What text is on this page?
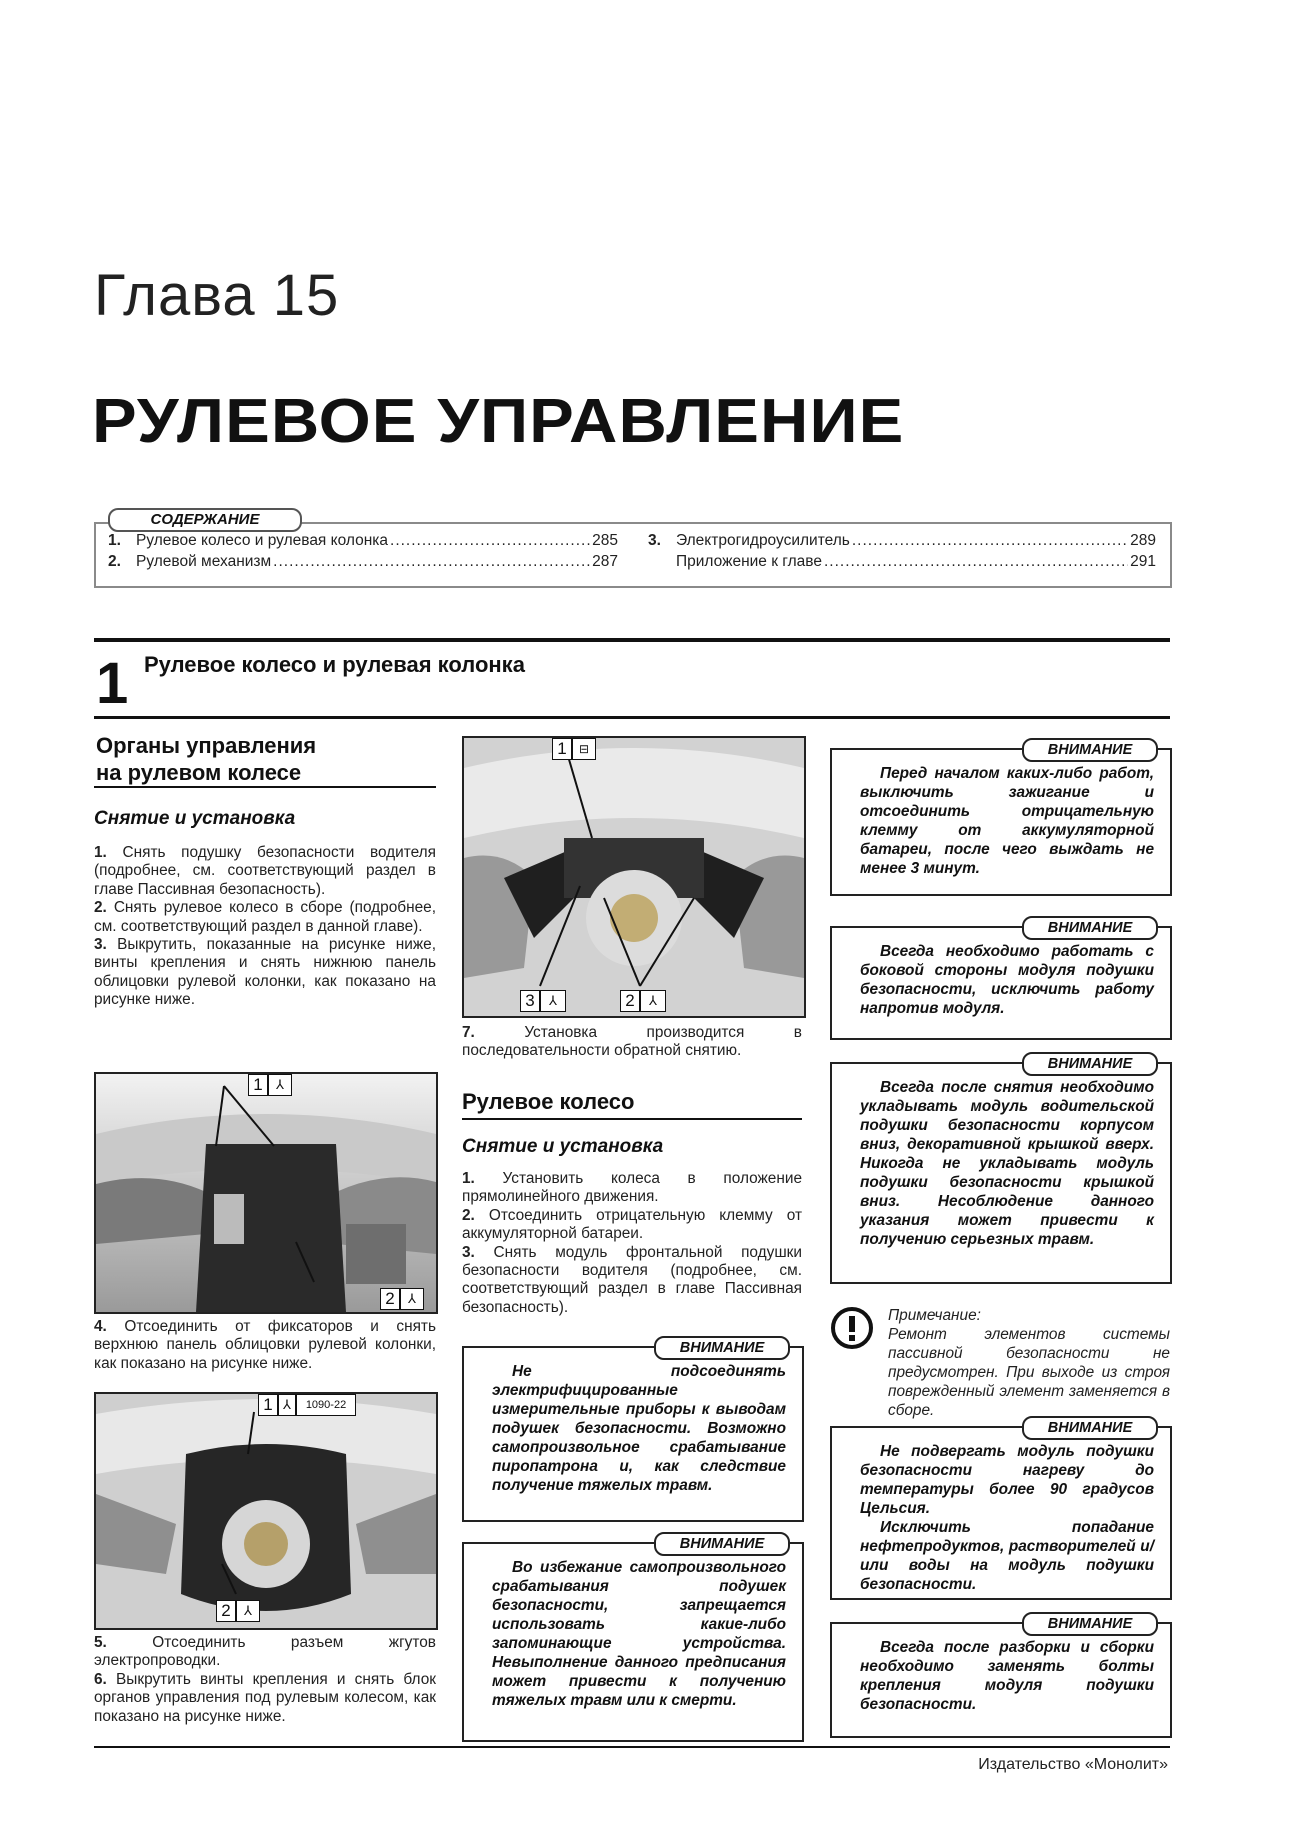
Глава 15
РУЛЕВОЕ УПРАВЛЕНИЕ
СОДЕРЖАНИЕ
1. Рулевое колесо и рулевая колонка .....	285
2. Рулевой механизм .....	287
3. Электрогидроусилитель .....	289
Приложение к главе .....	291
1 Рулевое колесо и рулевая колонка
Органы управления
на рулевом колесе
Снятие и установка
1. Снять подушку безопасности водителя (подробнее, см. соответствующий раздел в главе Пассивная безопасность).
2. Снять рулевое колесо в сборе (подробнее, см. соответствующий раздел в данной главе).
3. Выкрутить, показанные на рисунке ниже, винты крепления и снять нижнюю панель облицовки рулевой колонки, как показано на рисунке ниже.
1	⅄
2	⅄
4. Отсоединить от фиксаторов и снять верхнюю панель облицовки рулевой колонки, как показано на рисунке ниже.
1 ⅄	1090-22
2	⅄
5.	Отсоединить разъем жгутов электропроводки.
6. Выкрутить винты крепления и снять блок органов управления под рулевым колесом, как показано на рисунке ниже.
1	⊟
2	⅄
3	⅄
7.	Установка производится в последовательности обратной снятию.
Рулевое колесо
Снятие и установка
1. Установить колеса в положение прямолинейного движения.
2. Отсоединить отрицательную клемму от аккумуляторной батареи.
3. Снять модуль фронтальной подушки безопасности водителя (подробнее, см. соответствующий раздел в главе Пассивная безопасность).
ВНИМАНИЕ
Не подсоединять электрифицированные измерительные приборы к выводам подушек безопасности. Возможно самопроизвольное срабатывание пиропатрона и, как следствие получение тяжелых травм.
ВНИМАНИЕ
Во избежание самопроизвольного срабатывания подушек безопасности, запрещается использовать какие-либо запоминающие устройства. Невыполнение данного предписания может привести к получению тяжелых травм или к смерти.
ВНИМАНИЕ
Перед началом каких-либо работ, выключить зажигание и отсоединить отрицательную клемму от аккумуляторной батареи, после чего выждать не менее 3 минут.
ВНИМАНИЕ
Всегда необходимо работать с боковой стороны модуля подушки безопасности, исключить работу напротив модуля.
ВНИМАНИЕ
Всегда после снятия необходимо укладывать модуль водительской подушки безопасности корпусом вниз, декоративной крышкой вверх. Никогда не укладывать модуль подушки безопасности крышкой вниз. Несоблюдение данного указания может привести к получению серьезных травм.
Примечание:
Ремонт элементов системы пассивной безопасности не предусмотрен. При выходе из строя поврежденный элемент заменяется в сборе.
ВНИМАНИЕ
Не подвергать модуль подушки безопасности нагреву до температуры более 90 градусов Цельсия.
Исключить попадание нефтепродуктов, растворителей и/или воды на модуль подушки безопасности.
ВНИМАНИЕ
Всегда после разборки и сборки необходимо заменять болты крепления модуля подушки безопасности.
Издательство «Монолит»
